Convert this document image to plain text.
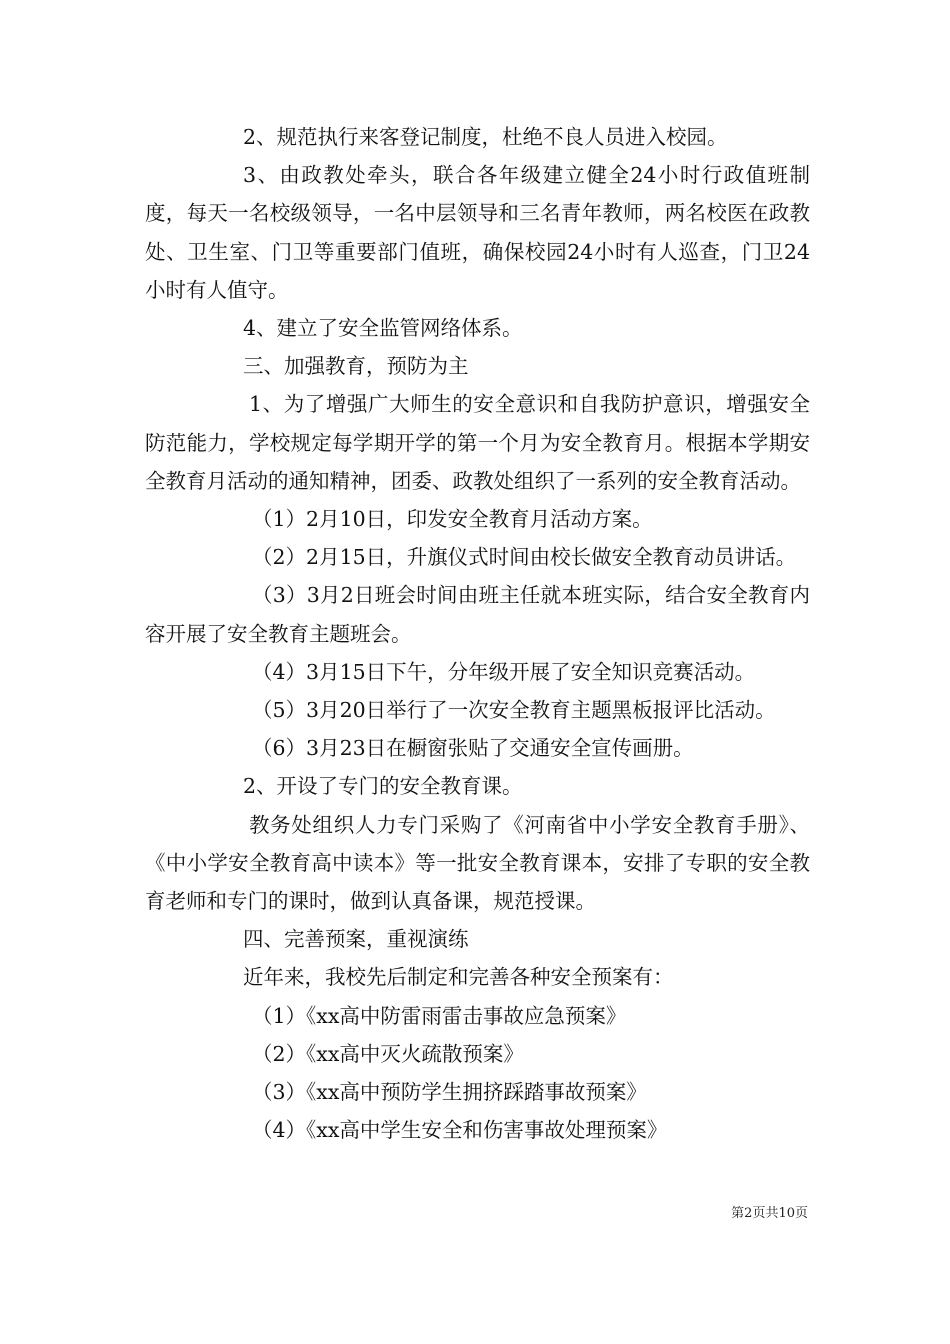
2、规范执行来客登记制度，杜绝不良人员进入校园。

3、由政教处牵头，联合各年级建立健全24小时行政值班制度，每天一名校级领导，一名中层领导和三名青年教师，两名校医在政教处、卫生室、门卫等重要部门值班，确保校园24小时有人巡查，门卫24小时有人值守。

4、建立了安全监管网络体系。

三、加强教育，预防为主

1、为了增强广大师生的安全意识和自我防护意识，增强安全防范能力，学校规定每学期开学的第一个月为安全教育月。根据本学期安全教育月活动的通知精神，团委、政教处组织了一系列的安全教育活动。

（1）2月10日，印发安全教育月活动方案。

（2）2月15日，升旗仪式时间由校长做安全教育动员讲话。

（3）3月2日班会时间由班主任就本班实际，结合安全教育内容开展了安全教育主题班会。

（4）3月15日下午，分年级开展了安全知识竞赛活动。

（5）3月20日举行了一次安全教育主题黑板报评比活动。

（6）3月23日在橱窗张贴了交通安全宣传画册。

2、开设了专门的安全教育课。

教务处组织人力专门采购了《河南省中小学安全教育手册》、《中小学安全教育高中读本》等一批安全教育课本，安排了专职的安全教育老师和专门的课时，做到认真备课，规范授课。

四、完善预案，重视演练

近年来，我校先后制定和完善各种安全预案有：

（1）《xx高中防雷雨雷击事故应急预案》

（2）《xx高中灭火疏散预案》

（3）《xx高中预防学生拥挤踩踏事故预案》

（4）《xx高中学生安全和伤害事故处理预案》

第2页共10页
